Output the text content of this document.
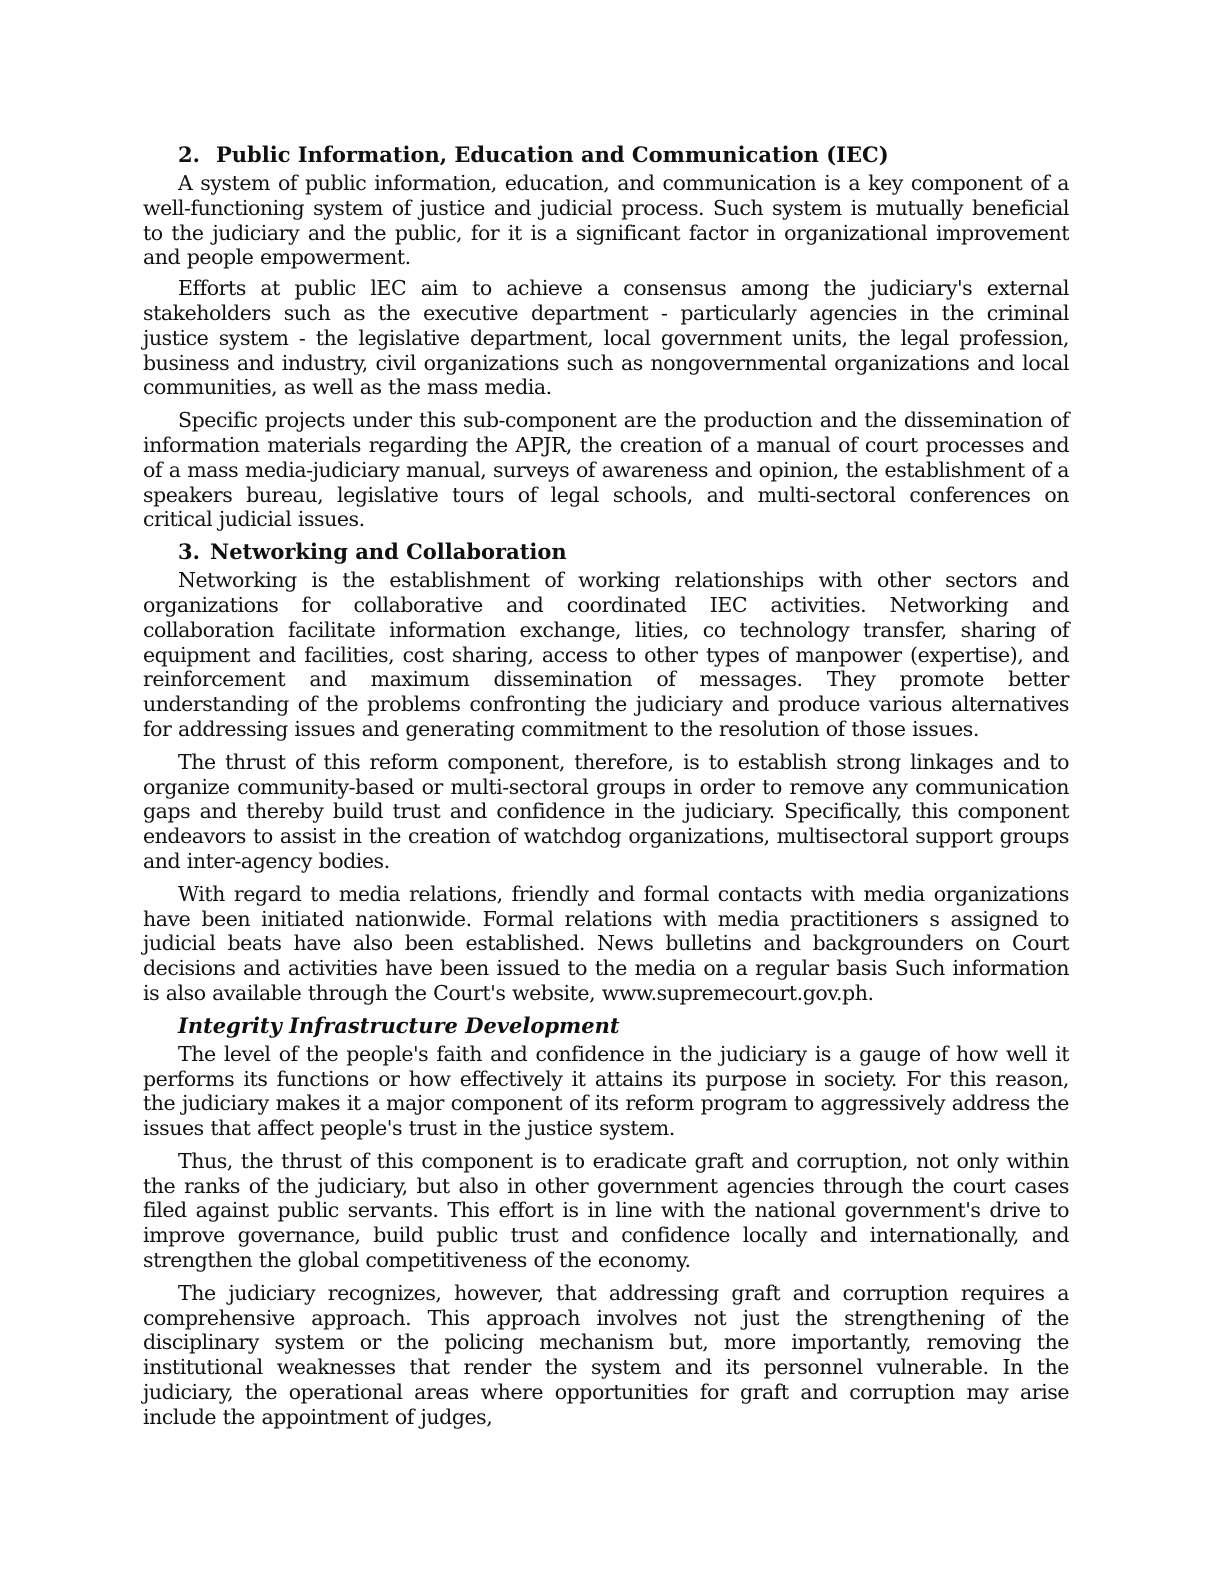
2. Public Information, Education and Communication (IEC)

A system of public information, education, and communication is a key component of a well-functioning system of justice and judicial process. Such system is mutually beneficial to the judiciary and the public, for it is a significant factor in organizational improvement and people empowerment.

Efforts at public lEC aim to achieve a consensus among the judiciary's external stakeholders such as the executive department - particularly agencies in the criminal justice system - the legislative department, local government units, the legal profession, business and industry, civil organizations such as nongovernmental organizations and local communities, as well as the mass media.

Specific projects under this sub-component are the production and the dissemination of information materials regarding the APJR, the creation of a manual of court processes and of a mass media-judiciary manual, surveys of awareness and opinion, the establishment of a speakers bureau, legislative tours of legal schools, and multi-sectoral conferences on critical judicial issues.

3. Networking and Collaboration

Networking is the establishment of working relationships with other sectors and organizations for collaborative and coordinated IEC activities. Networking and collaboration facilitate information exchange, lities, co technology transfer, sharing of equipment and facilities, cost sharing, access to other types of manpower (expertise), and reinforcement and maximum dissemination of messages. They promote better understanding of the problems confronting the judiciary and produce various alternatives for addressing issues and generating commitment to the resolution of those issues.

The thrust of this reform component, therefore, is to establish strong linkages and to organize community-based or multi-sectoral groups in order to remove any communication gaps and thereby build trust and confidence in the judiciary. Specifically, this component endeavors to assist in the creation of watchdog organizations, multisectoral support groups and inter-agency bodies.

With regard to media relations, friendly and formal contacts with media organizations have been initiated nationwide. Formal relations with media practitioners s assigned to judicial beats have also been established. News bulletins and backgrounders on Court decisions and activities have been issued to the media on a regular basis Such information is also available through the Court's website, www.supremecourt.gov.ph.

Integrity Infrastructure Development

The level of the people's faith and confidence in the judiciary is a gauge of how well it performs its functions or how effectively it attains its purpose in society. For this reason, the judiciary makes it a major component of its reform program to aggressively address the issues that affect people's trust in the justice system.

Thus, the thrust of this component is to eradicate graft and corruption, not only within the ranks of the judiciary, but also in other government agencies through the court cases filed against public servants. This effort is in line with the national government's drive to improve governance, build public trust and confidence locally and internationally, and strengthen the global competitiveness of the economy.

The judiciary recognizes, however, that addressing graft and corruption requires a comprehensive approach. This approach involves not just the strengthening of the disciplinary system or the policing mechanism but, more importantly, removing the institutional weaknesses that render the system and its personnel vulnerable. In the judiciary, the operational areas where opportunities for graft and corruption may arise include the appointment of judges,
